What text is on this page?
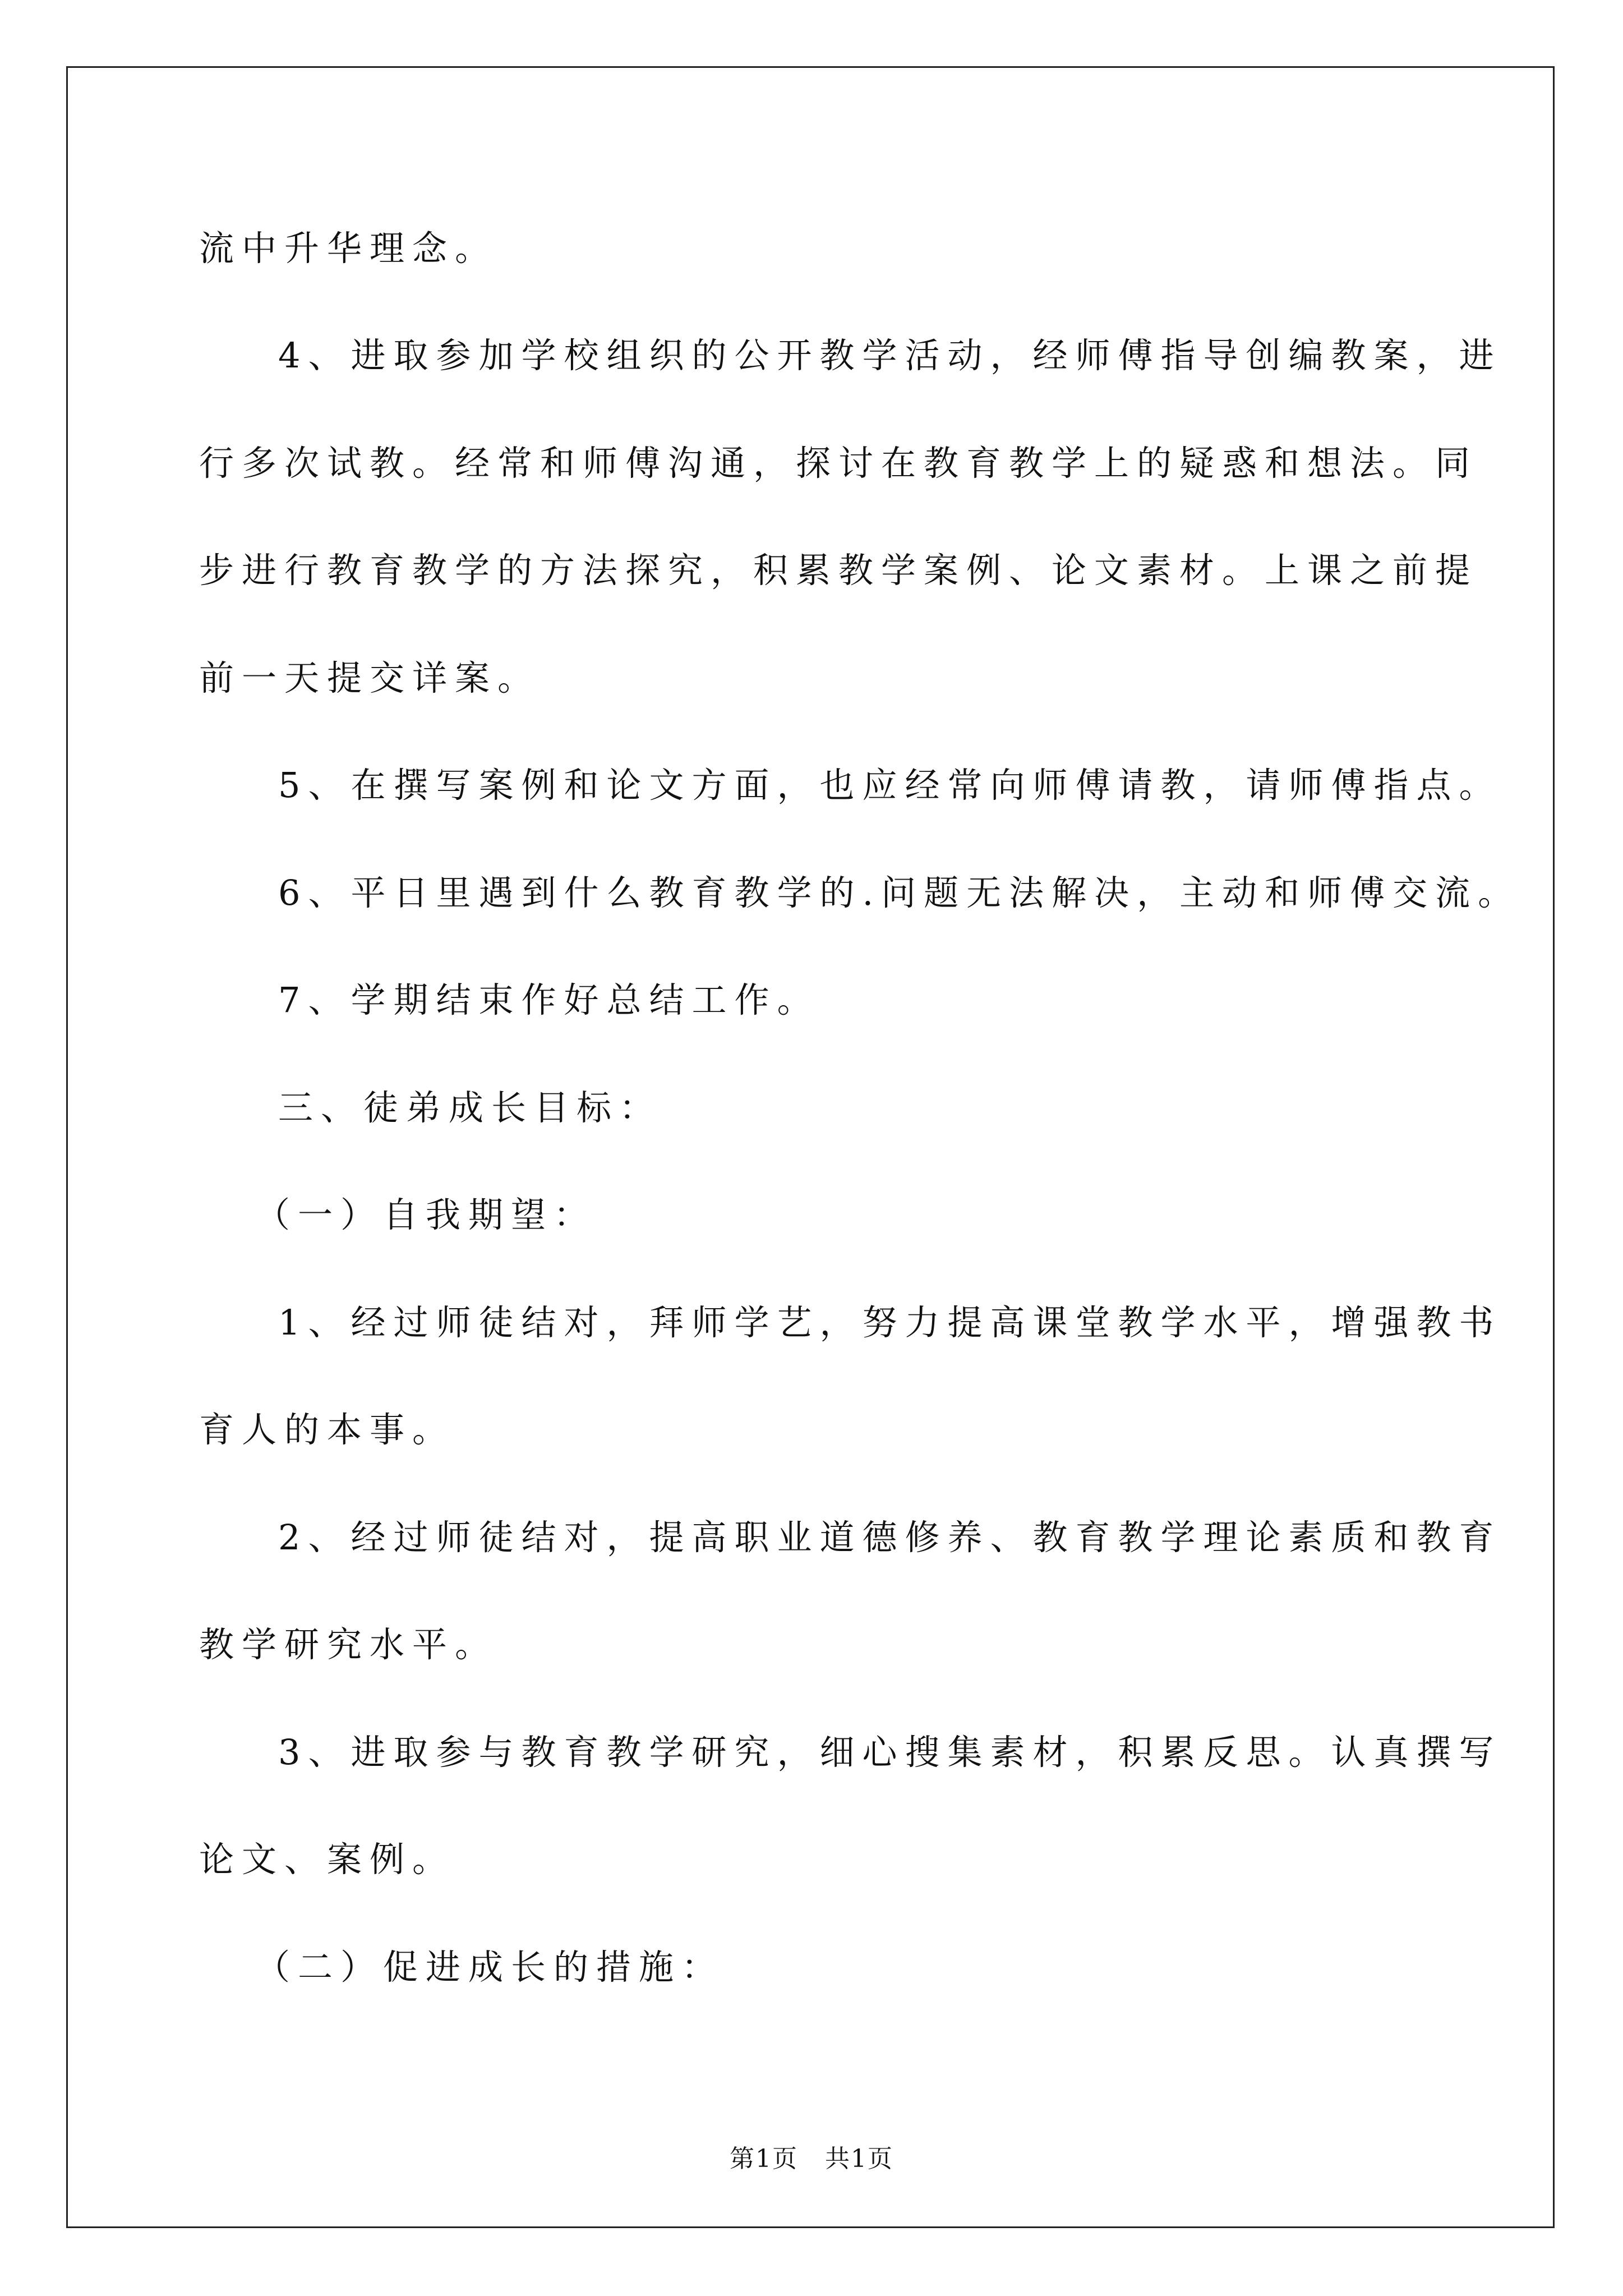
流中升华理念。
4、进取参加学校组织的公开教学活动，经师傅指导创编教案，进
行多次试教。经常和师傅沟通，探讨在教育教学上的疑惑和想法。同
步进行教育教学的方法探究，积累教学案例、论文素材。上课之前提
前一天提交详案。
5、在撰写案例和论文方面，也应经常向师傅请教，请师傅指点。
6、平日里遇到什么教育教学的.问题无法解决，主动和师傅交流。
7、学期结束作好总结工作。
三、徒弟成长目标：
（一）自我期望：
1、经过师徒结对，拜师学艺，努力提高课堂教学水平，增强教书
育人的本事。
2、经过师徒结对，提高职业道德修养、教育教学理论素质和教育
教学研究水平。
3、进取参与教育教学研究，细心搜集素材，积累反思。认真撰写
论文、案例。
（二）促进成长的措施：
第1页   共1页
